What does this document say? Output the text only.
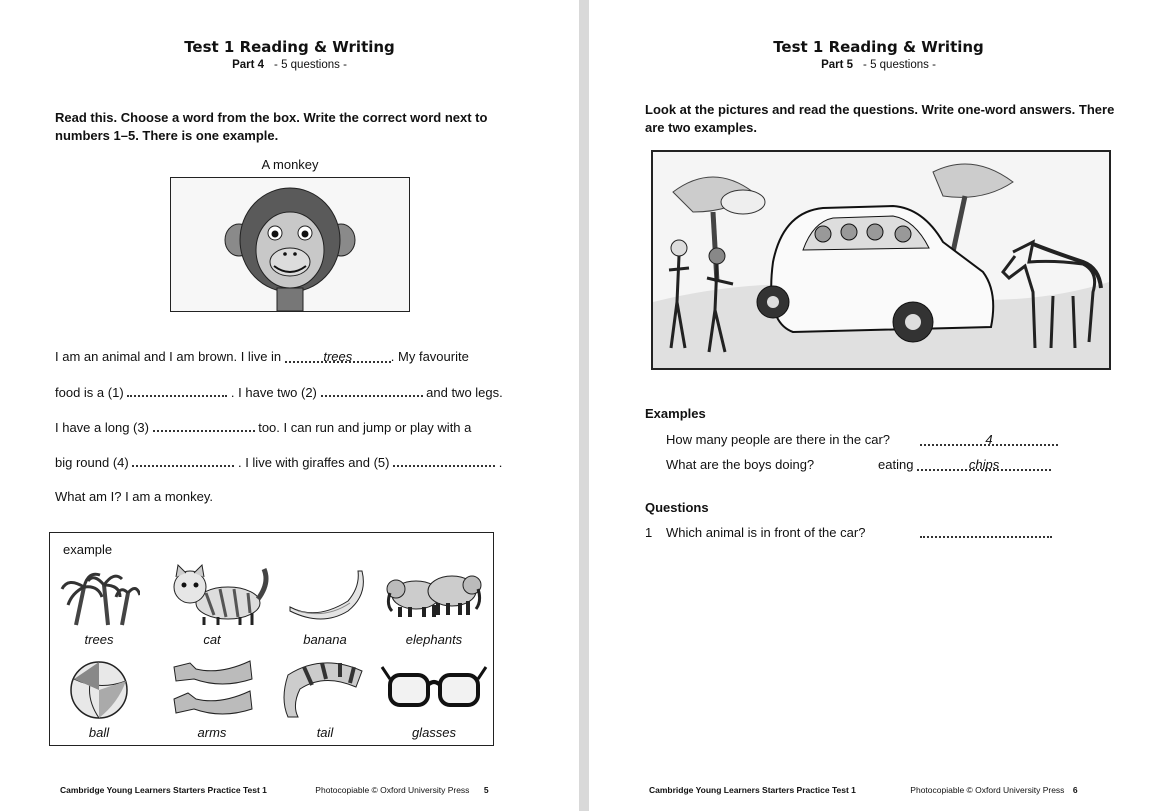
Test 1 Reading & Writing
Part 4 - 5 questions -
Read this. Choose a word from the box. Write the correct word next to numbers 1–5. There is one example.
A monkey
I am an animal and I am brown. I live in	trees	. My favourite
food is a (1)	. I have two (2)	and two legs.
I have a long (3)	too. I can run and jump or play with a
big round (4)	. I live with giraffes and (5)	.
What am I? I am a monkey.
example
trees	cat	banana	elephants
ball	arms	tail	glasses
Cambridge Young Learners Starters Practice Test 1	Photocopiable © Oxford University Press 5
Test 1 Reading & Writing
Part 5 - 5 questions -
Look at the pictures and read the questions. Write one-word answers. There are two examples.
Examples
How many people are there in the car?	4
What are the boys doing?	eating	chips
Questions
1 Which animal is in front of the car?
Cambridge Young Learners Starters Practice Test 1	Photocopiable © Oxford University Press 6
